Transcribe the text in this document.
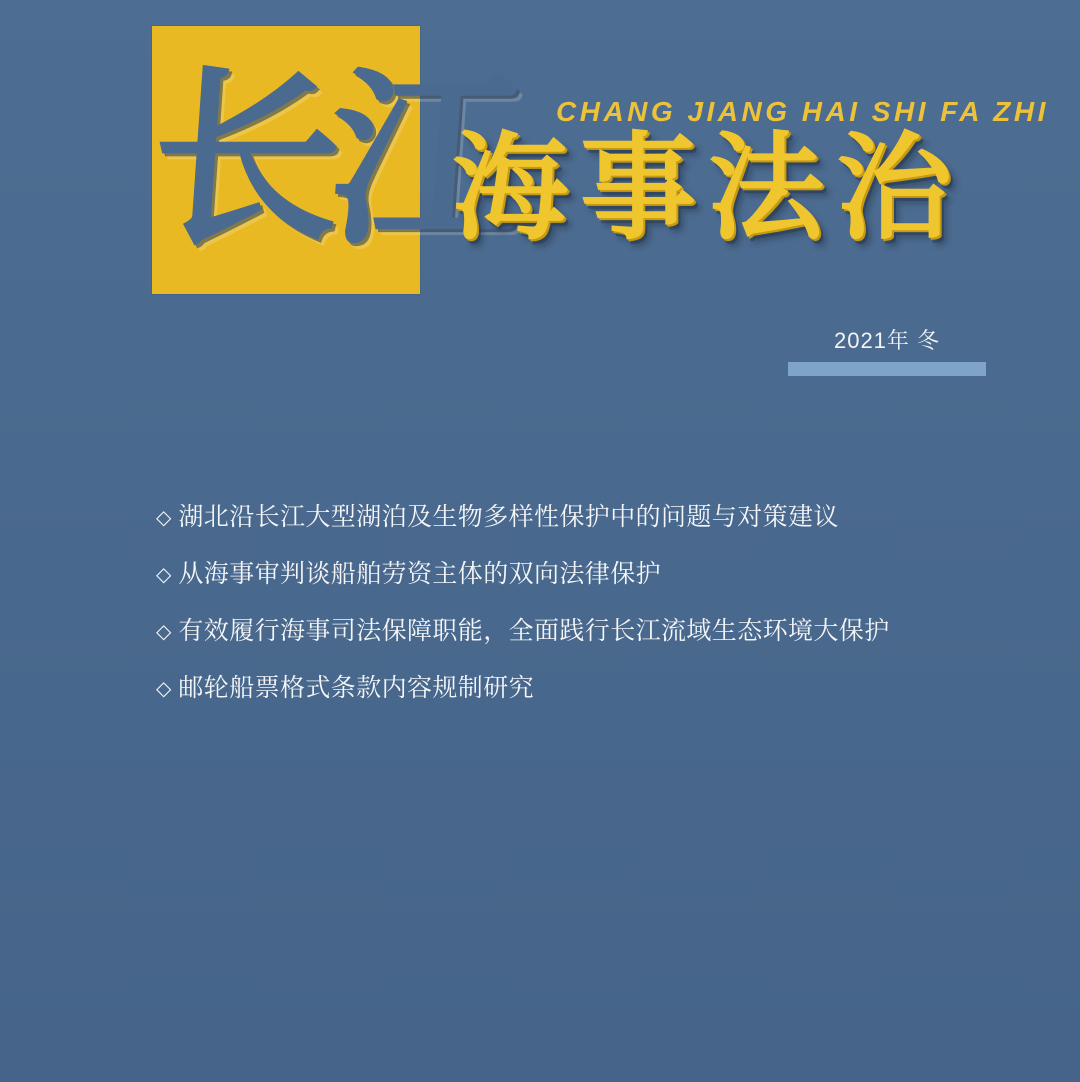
长江 CHANG JIANG HAI SHI FA ZHI
海事法治
2021年 冬
◇ 湖北沿长江大型湖泊及生物多样性保护中的问题与对策建议
◇ 从海事审判谈船舶劳资主体的双向法律保护
◇ 有效履行海事司法保障职能，全面践行长江流域生态环境大保护
◇ 邮轮船票格式条款内容规制研究
